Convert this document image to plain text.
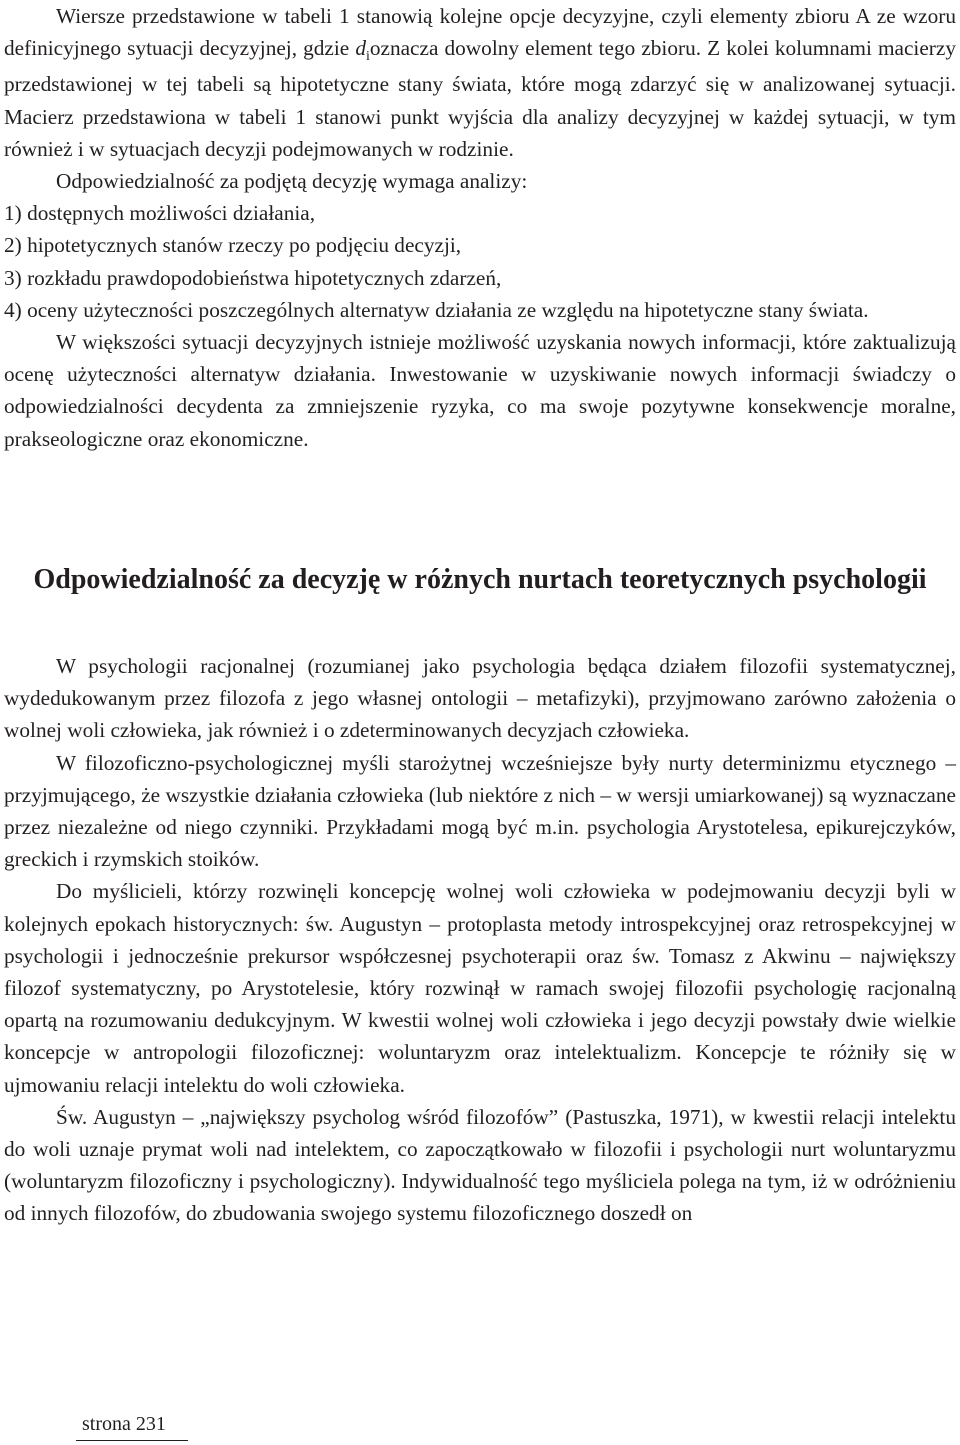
Wiersze przedstawione w tabeli 1 stanowią kolejne opcje decyzyjne, czyli elementy zbioru A ze wzoru definicyjnego sytuacji decyzyjnej, gdzie $d_ioznacza$ dowolny element tego zbioru. Z kolei kolumnami macierzy przedstawionej w tej tabeli są hipotetyczne stany świata, które mogą zdarzyć się w analizowanej sytuacji. Macierz przedstawiona w tabeli 1 stanowi punkt wyjścia dla analizy decyzyjnej w każdej sytuacji, w tym również i w sytuacjach decyzji podejmowanych w rodzinie.

Odpowiedzialność za podjętą decyzję wymaga analizy:

1) dostępnych możliwości działania,

2) hipotetycznych stanów rzeczy po podjęciu decyzji,

3) rozkładu prawdopodobieństwa hipotetycznych zdarzeń,

4) oceny użyteczności poszczególnych alternatyw działania ze względu na hipotetyczne stany świata.

W większości sytuacji decyzyjnych istnieje możliwość uzyskania nowych informacji, które zaktualizują ocenę użyteczności alternatyw działania. Inwestowanie w uzyskiwanie nowych informacji świadczy o odpowiedzialności decydenta za zmniejszenie ryzyka, co ma swoje pozytywne konsekwencje moralne, prakseologiczne oraz ekonomiczne.

Odpowiedzialność za decyzję w różnych nurtach teoretycznych psychologii

W psychologii racjonalnej (rozumianej jako psychologia będąca działem filozofii systematycznej, wydedukowanym przez filozofa z jego własnej ontologii – metafizyki), przyjmowano zarówno założenia o wolnej woli człowieka, jak również i o zdeterminowanych decyzjach człowieka.

W filozoficzno-psychologicznej myśli starożytnej wcześniejsze były nurty determinizmu etycznego – przyjmującego, że wszystkie działania człowieka (lub niektóre z nich – w wersji umiarkowanej) są wyznaczane przez niezależne od niego czynniki. Przykładami mogą być m.in. psychologia Arystotelesa, epikurejczyków, greckich i rzymskich stoików.

Do myślicieli, którzy rozwinęli koncepcję wolnej woli człowieka w podejmowaniu decyzji byli w kolejnych epokach historycznych: św. Augustyn – protoplasta metody introspekcyjnej oraz retrospekcyjnej w psychologii i jednocześnie prekursor współczesnej psychoterapii oraz św. Tomasz z Akwinu – największy filozof systematyczny, po Arystotelesie, który rozwinął w ramach swojej filozofii psychologię racjonalną opartą na rozumowaniu dedukcyjnym. W kwestii wolnej woli człowieka i jego decyzji powstały dwie wielkie koncepcje w antropologii filozoficznej: woluntaryzm oraz intelektualizm. Koncepcje te różniły się w ujmowaniu relacji intelektu do woli człowieka.

Św. Augustyn – „największy psycholog wśród filozofów” (Pastuszka, 1971), w kwestii relacji intelektu do woli uznaje prymat woli nad intelektem, co zapoczątkowało w filozofii i psychologii nurt woluntaryzmu (woluntaryzm filozoficzny i psychologiczny). Indywidualność tego myśliciela polega na tym, iż w odróżnieniu od innych filozofów, do zbudowania swojego systemu filozoficznego doszedł on

strona 231
